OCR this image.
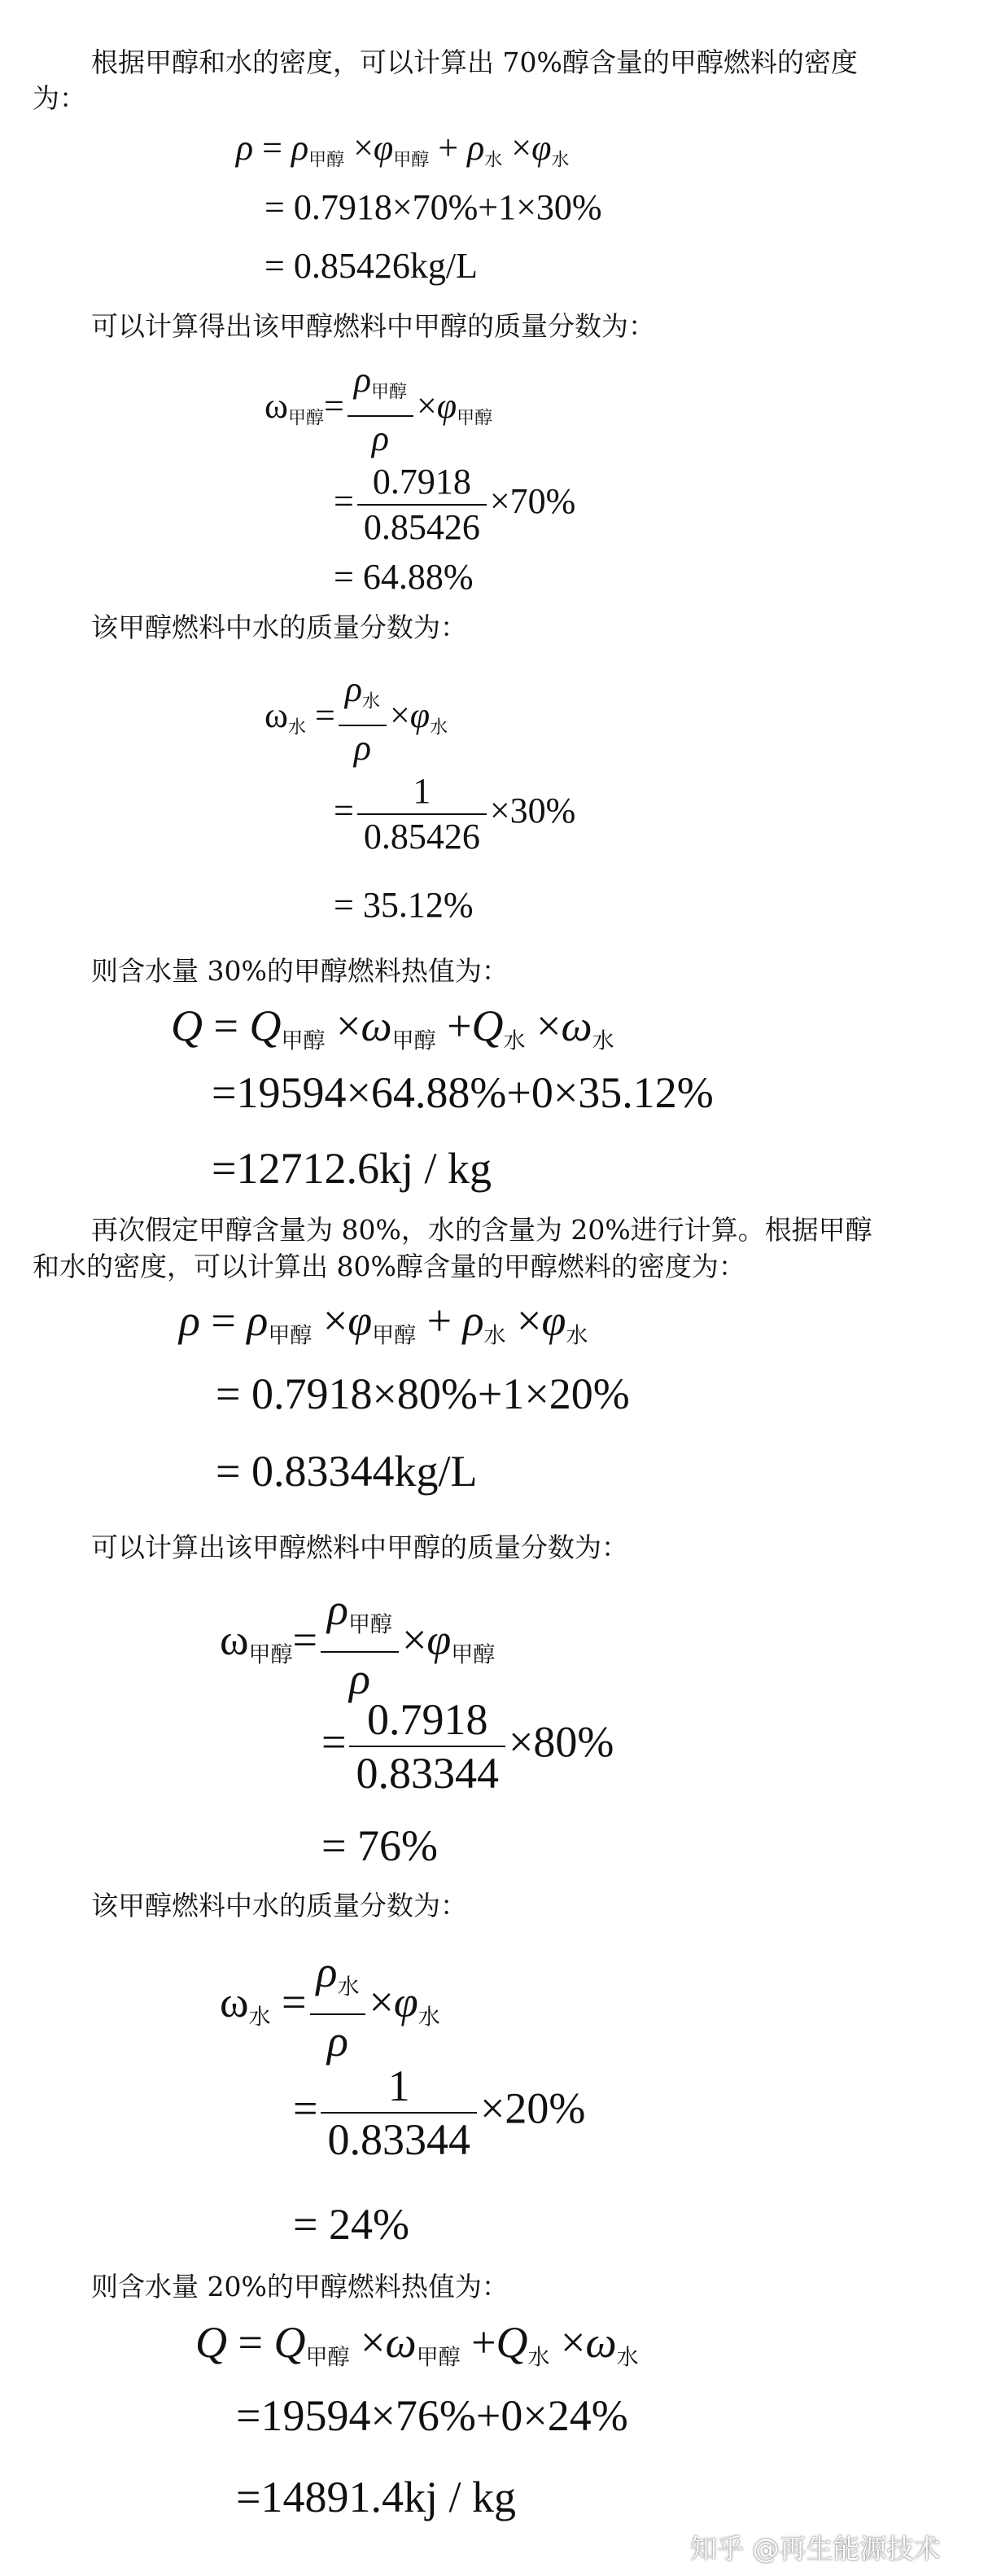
根据甲醇和水的密度，可以计算出 70%醇含量的甲醇燃料的密度
为：
$\rho = \rho_{甲醇} \times\varphi_{甲醇} + \rho_水 \times\varphi_水$
= 0.7918×70%+1×30%
= 0.85426kg/L
可以计算得出该甲醇燃料中甲醇的质量分数为：
$\omega_{甲醇}= \frac{\rho_{甲醇}}{\rho} \times\varphi_{甲醇}$
= $\frac{0.7918}{0.85426} \times 70\%$
= 64.88%
该甲醇燃料中水的质量分数为：
$\omega_水 = \frac{\rho_水}{\rho} \times\varphi_水$
= $\frac{1}{0.85426} \times 30\%$
= 35.12%
则含水量 30%的甲醇燃料热值为：
$Q = Q_{甲醇} \times\omega_{甲醇} +Q_水 \times\omega_水$
=19594×64.88%+0×35.12%
=12712.6kj / kg
再次假定甲醇含量为 80%，水的含量为 20%进行计算。根据甲醇
和水的密度，可以计算出 80%醇含量的甲醇燃料的密度为：
$\rho = \rho_{甲醇} \times\varphi_{甲醇} + \rho_水 \times\varphi_水$
= 0.7918×80%+1×20%
= 0.83344kg/L
可以计算出该甲醇燃料中甲醇的质量分数为：
$\omega_{甲醇}= \frac{\rho_{甲醇}}{\rho} \times\varphi_{甲醇}$
= $\frac{0.7918}{0.83344} \times 80\%$
= 76%
该甲醇燃料中水的质量分数为：
$\omega_水 = \frac{\rho_水}{\rho} \times\varphi_水$
= $\frac{1}{0.83344} \times 20\%$
= 24%
则含水量 20%的甲醇燃料热值为：
$Q = Q_{甲醇} \times\omega_{甲醇} +Q_水 \times\omega_水$
=19594×76%+0×24%
=14891.4kj / kg
知乎 @再生能源技术
